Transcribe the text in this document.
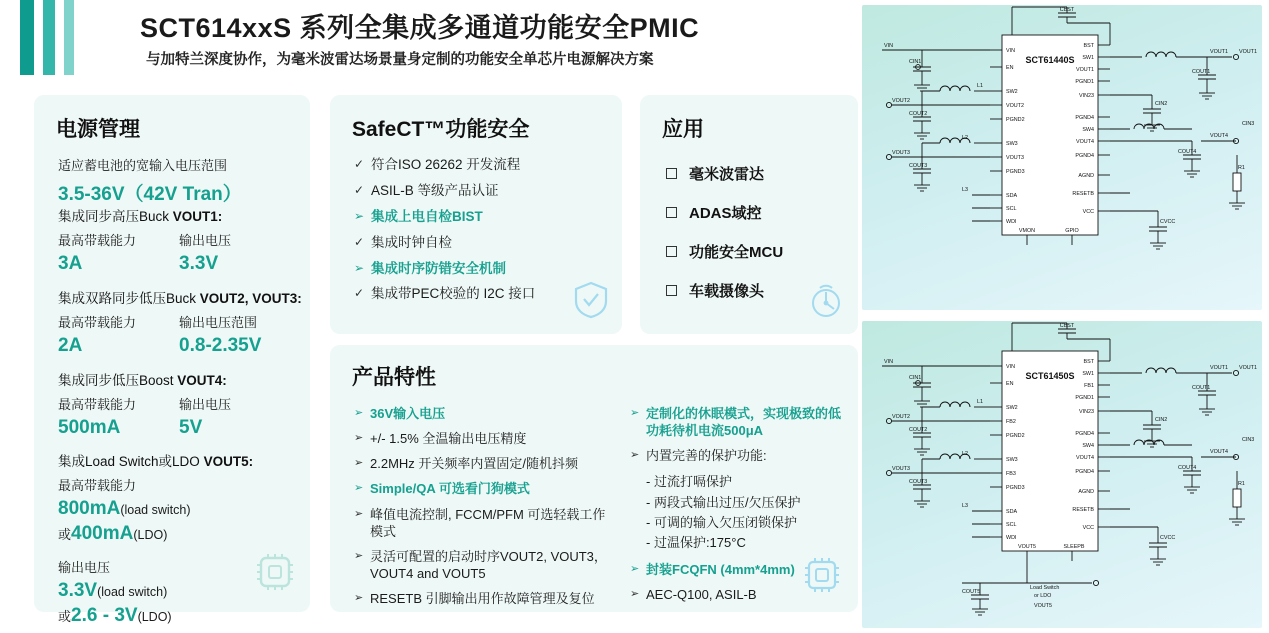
SCT614xxS 系列全集成多通道功能安全PMIC
与加特兰深度协作，为毫米波雷达场景量身定制的功能安全单芯片电源解决方案
电源管理
适应蓄电池的宽输入电压范围
3.5-36V（42V Tran）
集成同步高压Buck VOUT1:
最高带载能力	输出电压
3A	3.3V
集成双路同步低压Buck VOUT2, VOUT3:
最高带载能力	输出电压范围
2A	0.8-2.35V
集成同步低压Boost VOUT4:
最高带载能力	输出电压
500mA	5V
集成Load Switch或LDO VOUT5:
最高带载能力
800mA(load switch)
或400mA(LDO)
输出电压
3.3V(load switch)
或2.6 - 3V(LDO)
SafeCT™功能安全
✓ 符合ISO 26262 开发流程
✓ ASIL-B 等级产品认证
➢ 集成上电自检BIST
✓ 集成时钟自检
➢ 集成时序防错安全机制
✓ 集成带PEC校验的 I2C 接口
应用
毫米波雷达
ADAS域控
功能安全MCU
车载摄像头
产品特性
➢ 36V输入电压
➢ +/- 1.5% 全温输出电压精度
➢ 2.2MHz 开关频率内置固定/随机抖频
➢ Simple/QA 可选看门狗模式
➢ 峰值电流控制, FCCM/PFM 可选轻载工作模式
➢ 灵活可配置的启动时序VOUT2, VOUT3，VOUT4 and VOUT5
➢ RESETB 引脚输出用作故障管理及复位
➢ 定制化的休眠模式，实现极致的低功耗待机电流500μA
➢ 内置完善的保护功能:
- 过流打嗝保护
- 两段式输出过压/欠压保护
- 可调的输入欠压闭锁保护
- 过温保护:175°C
➢ 封装FCQFN (4mm*4mm)
➢ AEC-Q100, ASIL-B
SCT61440S
VIN
EN
SW2
VOUT2
PGND2
SW3
VOUT3
PGND3
SDA
SCL
WDI
BST
SW1
VOUT1
PGND1
VIN23
PGND4
SW4
VOUT4
PGND4
AGND
RESETB
VCC
VMON	GPIO
CBST
VIN
CIN1
L1
VOUT2
COUT2
L2
VOUT3
COUT3
L3
VOUT1
COUT1
CIN2
COUT4
VOUT4
CIN3
R1
CVCC
VOUT1
SCT61450S
VIN
EN
SW2
FB2
PGND2
SW3
FB3
PGND3
SDA
SCL
WDI
BST
SW1
FB1
PGND1
VIN23
PGND4
SW4
VOUT4
PGND4
AGND
RESETB
VCC
VOUT5	SLEEPB
CBST
VIN
CIN1
L1
VOUT2
COUT2
L2
VOUT3
COUT3
L3
VOUT1
COUT1
CIN2
COUT4
VOUT4
CIN3
R1
CVCC
VOUT1
COUT5
Load Switch
or LDO
VOUT5
